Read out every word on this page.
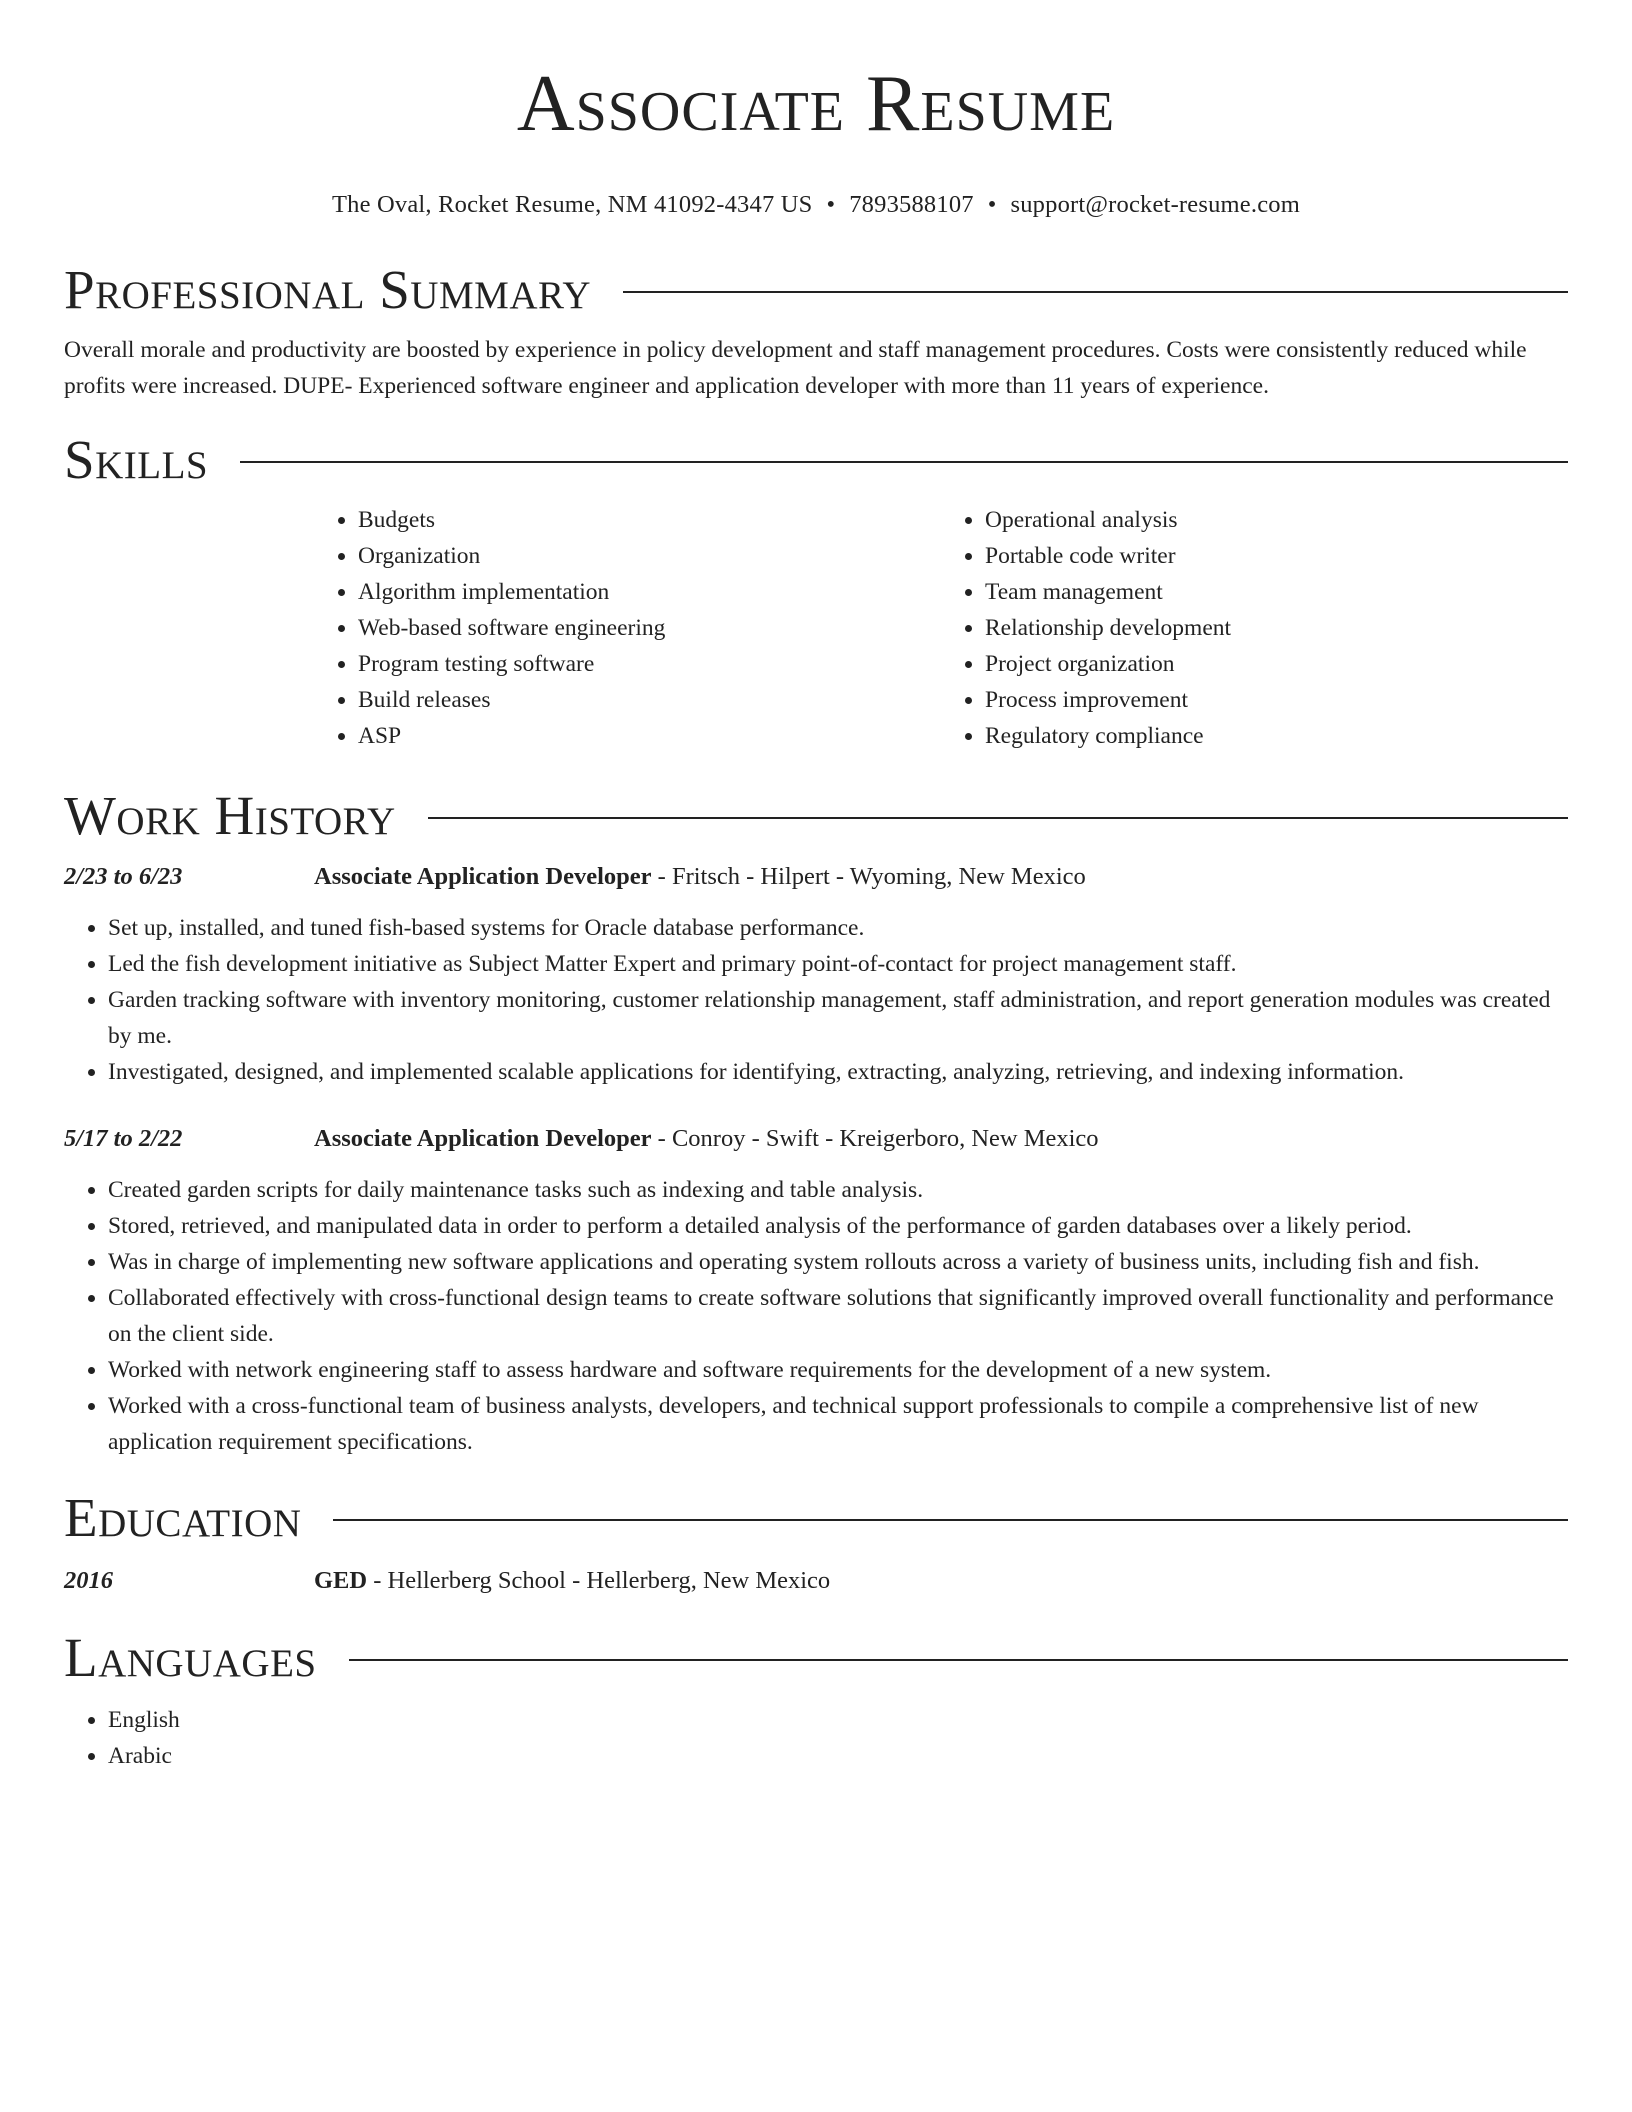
Associate Resume
The Oval, Rocket Resume, NM 41092-4347 US • 7893588107 • support@rocket-resume.com
Professional Summary

Overall morale and productivity are boosted by experience in policy development and staff management procedures. Costs were consistently reduced while profits were increased. DUPE- Experienced software engineer and application developer with more than 11 years of experience.

Skills
• Budgets
• Organization
• Algorithm implementation
• Web-based software engineering
• Program testing software
• Build releases
• ASP
• Operational analysis
• Portable code writer
• Team management
• Relationship development
• Project organization
• Process improvement
• Regulatory compliance
Work History
2/23 to 6/23	Associate Application Developer - Fritsch - Hilpert - Wyoming, New Mexico
• Set up, installed, and tuned fish-based systems for Oracle database performance.
• Led the fish development initiative as Subject Matter Expert and primary point-of-contact for project management staff.
• Garden tracking software with inventory monitoring, customer relationship management, staff administration, and report generation modules was created by me.
• Investigated, designed, and implemented scalable applications for identifying, extracting, analyzing, retrieving, and indexing information.
5/17 to 2/22	Associate Application Developer - Conroy - Swift - Kreigerboro, New Mexico
• Created garden scripts for daily maintenance tasks such as indexing and table analysis.
• Stored, retrieved, and manipulated data in order to perform a detailed analysis of the performance of garden databases over a likely period.
• Was in charge of implementing new software applications and operating system rollouts across a variety of business units, including fish and fish.
• Collaborated effectively with cross-functional design teams to create software solutions that significantly improved overall functionality and performance on the client side.
• Worked with network engineering staff to assess hardware and software requirements for the development of a new system.
• Worked with a cross-functional team of business analysts, developers, and technical support professionals to compile a comprehensive list of new application requirement specifications.
Education
2016	GED - Hellerberg School - Hellerberg, New Mexico
Languages
• English
• Arabic
